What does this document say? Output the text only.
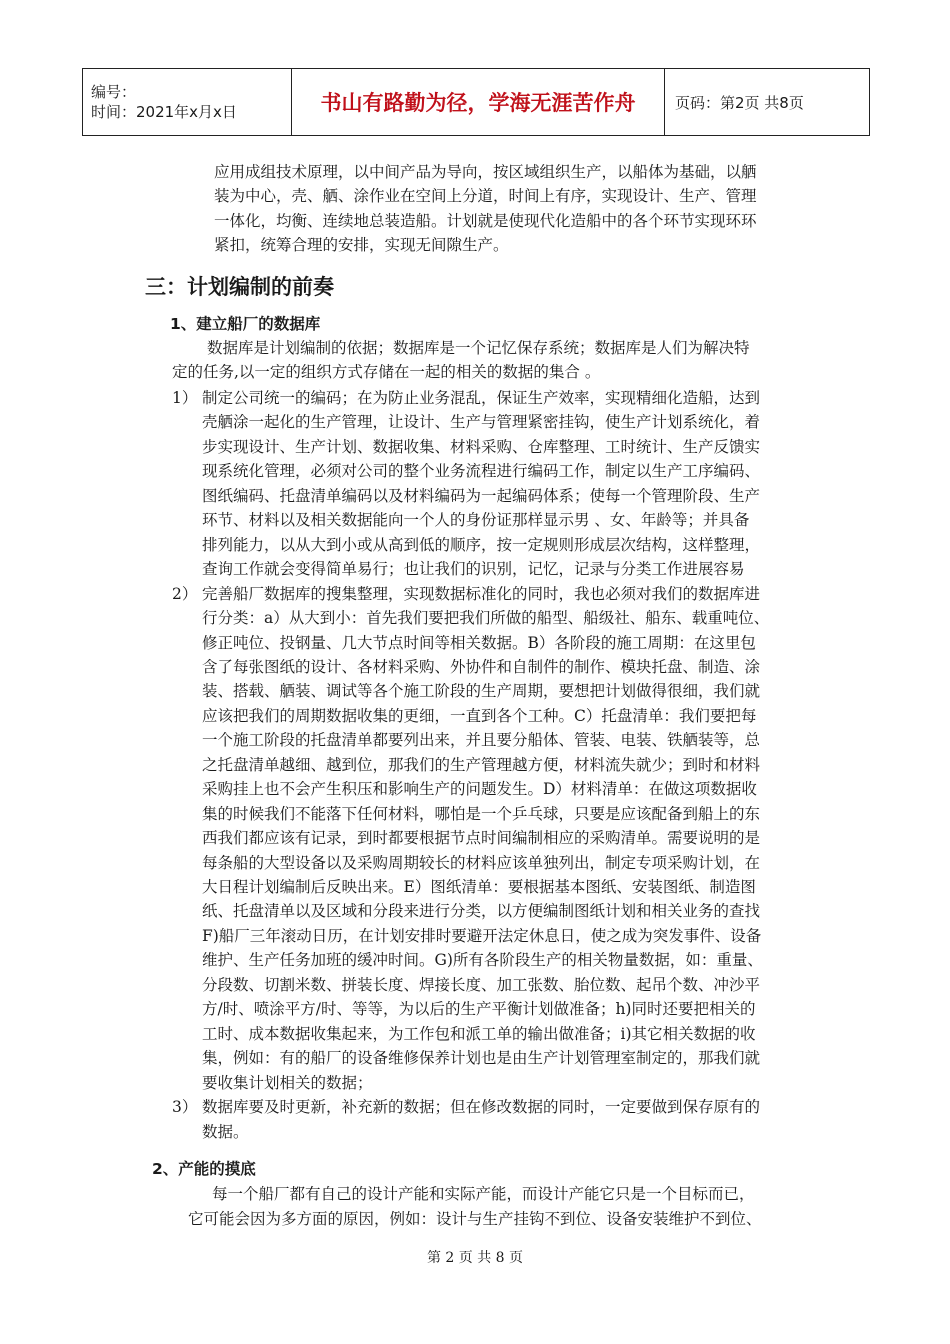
编号：
时间：2021年x月x日	书山有路勤为径，学海无涯苦作舟	页码：第2页 共8页
应用成组技术原理，以中间产品为导向，按区域组织生产，以船体为基础，以舾
装为中心，壳、舾、涂作业在空间上分道，时间上有序，实现设计、生产、管理
一体化，均衡、连续地总装造船。计划就是使现代化造船中的各个环节实现环环
紧扣，统筹合理的安排，实现无间隙生产。
1、建立船厂的数据库
数据库是计划编制的依据；数据库是一个记忆保存系统；数据库是人们为解决特
定的任务,以一定的组织方式存储在一起的相关的数据的集合 。
1） 制定公司统一的编码；在为防止业务混乱，保证生产效率，实现精细化造船，达到
壳舾涂一起化的生产管理，让设计、生产与管理紧密挂钩，使生产计划系统化，着
步实现设计、生产计划、数据收集、材料采购、仓库整理、工时统计、生产反馈实
现系统化管理，必须对公司的整个业务流程进行编码工作，制定以生产工序编码、
图纸编码、托盘清单编码以及材料编码为一起编码体系；使每一个管理阶段、生产
环节、材料以及相关数据能向一个人的身份证那样显示男 、女、年龄等；并具备
排列能力，以从大到小或从高到低的顺序，按一定规则形成层次结构，这样整理，
查询工作就会变得简单易行；也让我们的识别，记忆，记录与分类工作进展容易
2） 完善船厂数据库的搜集整理，实现数据标准化的同时，我也必须对我们的数据库进
行分类：a）从大到小：首先我们要把我们所做的船型、船级社、船东、载重吨位、
修正吨位、投钢量、几大节点时间等相关数据。B）各阶段的施工周期：在这里包
含了每张图纸的设计、各材料采购、外协件和自制件的制作、模块托盘、制造、涂
装、搭载、舾装、调试等各个施工阶段的生产周期，要想把计划做得很细，我们就
应该把我们的周期数据收集的更细，一直到各个工种。C）托盘清单：我们要把每
一个施工阶段的托盘清单都要列出来，并且要分船体、管装、电装、铁舾装等，总
之托盘清单越细、越到位，那我们的生产管理越方便，材料流失就少；到时和材料
采购挂上也不会产生积压和影响生产的问题发生。D）材料清单：在做这项数据收
集的时候我们不能落下任何材料，哪怕是一个乒乓球，只要是应该配备到船上的东
西我们都应该有记录，到时都要根据节点时间编制相应的采购清单。需要说明的是
每条船的大型设备以及采购周期较长的材料应该单独列出，制定专项采购计划，在
大日程计划编制后反映出来。E）图纸清单：要根据基本图纸、安装图纸、制造图
纸、托盘清单以及区域和分段来进行分类，以方便编制图纸计划和相关业务的查找
F)船厂三年滚动日历，在计划安排时要避开法定休息日，使之成为突发事件、设备
维护、生产任务加班的缓冲时间。G)所有各阶段生产的相关物量数据，如：重量、
分段数、切割米数、拼装长度、焊接长度、加工张数、胎位数、起吊个数、冲沙平
方/时、喷涂平方/时、等等，为以后的生产平衡计划做准备；h)同时还要把相关的
工时、成本数据收集起来，为工作包和派工单的输出做准备；i)其它相关数据的收
集，例如：有的船厂的设备维修保养计划也是由生产计划管理室制定的，那我们就
要收集计划相关的数据；
3） 数据库要及时更新，补充新的数据；但在修改数据的同时，一定要做到保存原有的
数据。
2、产能的摸底
每一个船厂都有自己的设计产能和实际产能，而设计产能它只是一个目标而已，
它可能会因为多方面的原因，例如：设计与生产挂钩不到位、设备安装维护不到位、
三：计划编制的前奏
第 2 页 共 8 页
